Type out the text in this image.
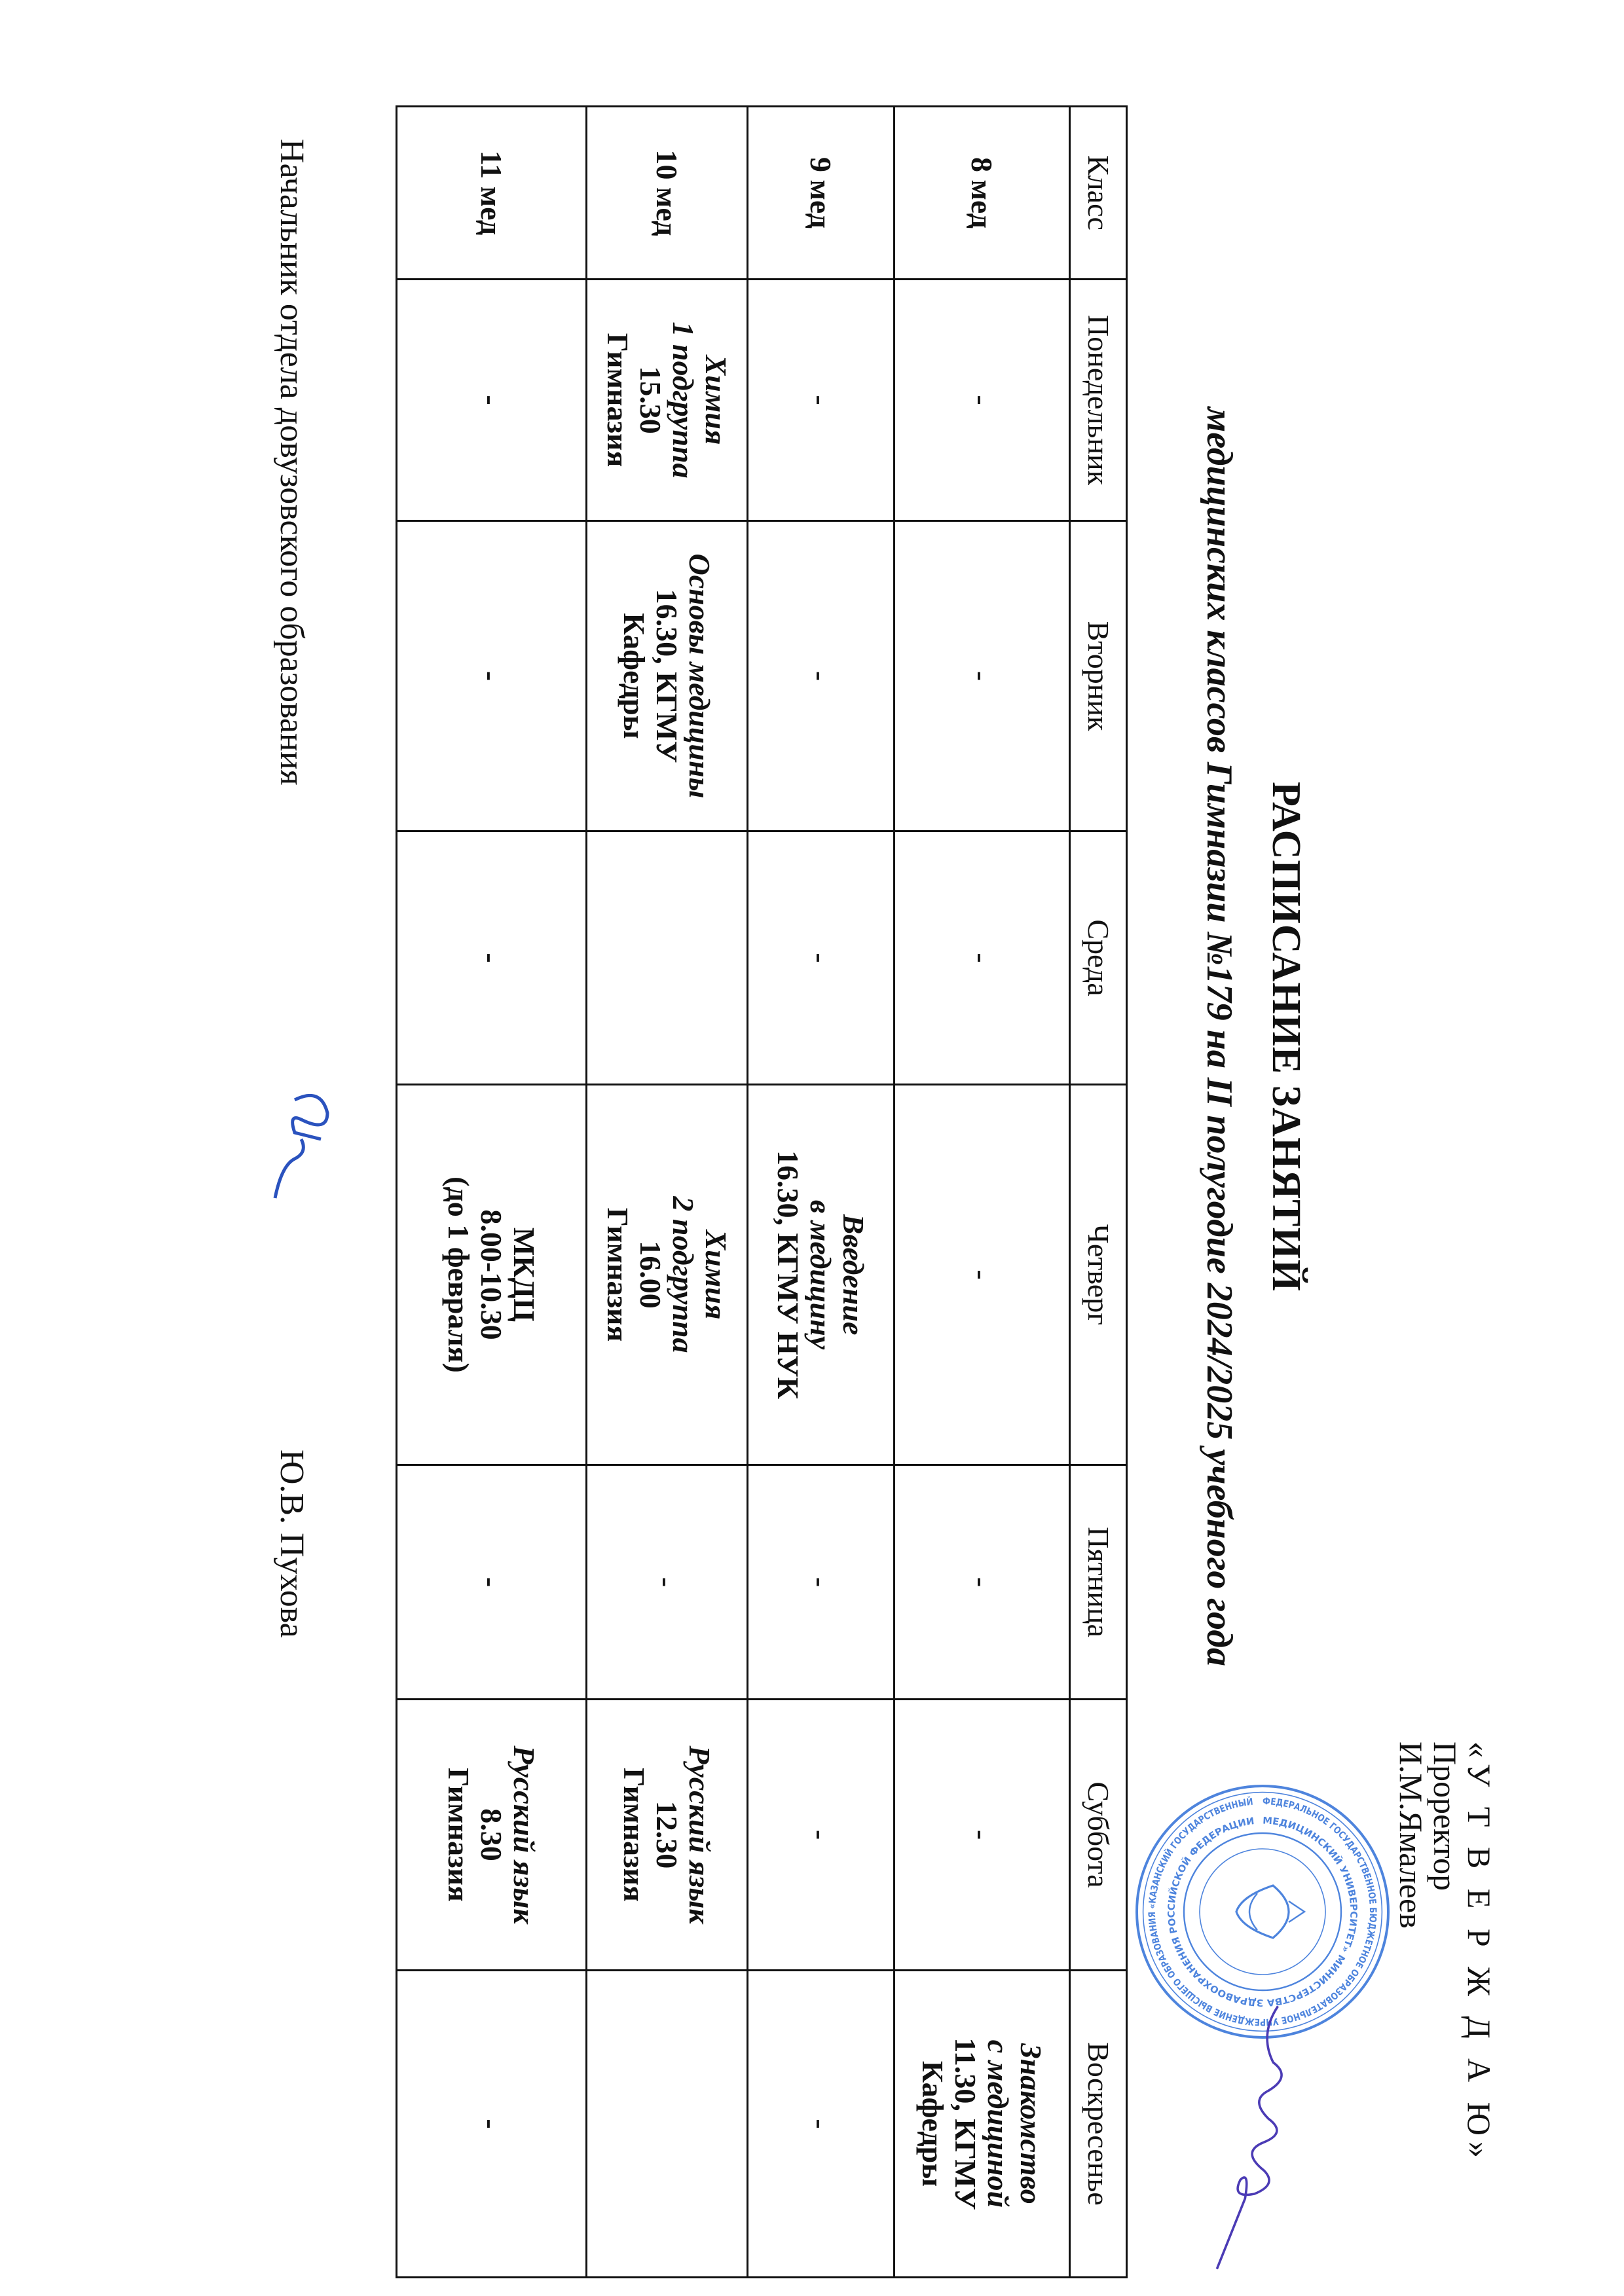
«У Т В Е Р Ж Д А Ю»
Проректор
И.М.Ямалеев
ФЕДЕРАЛЬНОЕ ГОСУДАРСТВЕННОЕ БЮДЖЕТНОЕ ОБРАЗОВАТЕЛЬНОЕ УЧРЕЖДЕНИЕ ВЫСШЕГО ОБРАЗОВАНИЯ «КАЗАНСКИЙ ГОСУДАРСТВЕННЫЙ
МЕДИЦИНСКИЙ УНИВЕРСИТЕТ» МИНИСТЕРСТВА ЗДРАВООХРАНЕНИЯ РОССИЙСКОЙ ФЕДЕРАЦИИ
РАСПИСАНИЕ ЗАНЯТИЙ
медицинских классов Гимназии №179 на II полугодие 2024/2025 учебного года
Класс	Понедельник	Вторник	Среда	Четверг	Пятница	Суббота	Воскресенье
8 мед	-	-	-	-	-	-	Знакомство
с медициной
11.30, КГМУ
Кафедры

9 мед	-	-	-	Введение
в медицину
16.30, КГМУ НУК	-	-	-

10 мед	Химия
1 подгруппа
15.30
Гимназия	Основы медицины
16.30, КГМУ
Кафедры		Химия
2 подгруппа
16.00
Гимназия	-	Русский язык
12.30
Гимназия	

11 мед	-	-	-	МКДЦ
8.00-10.30
(до 1 февраля)	-	Русский язык
8.30
Гимназия	-
Начальник отдела довузовского образования
Ю.В. Пухова
